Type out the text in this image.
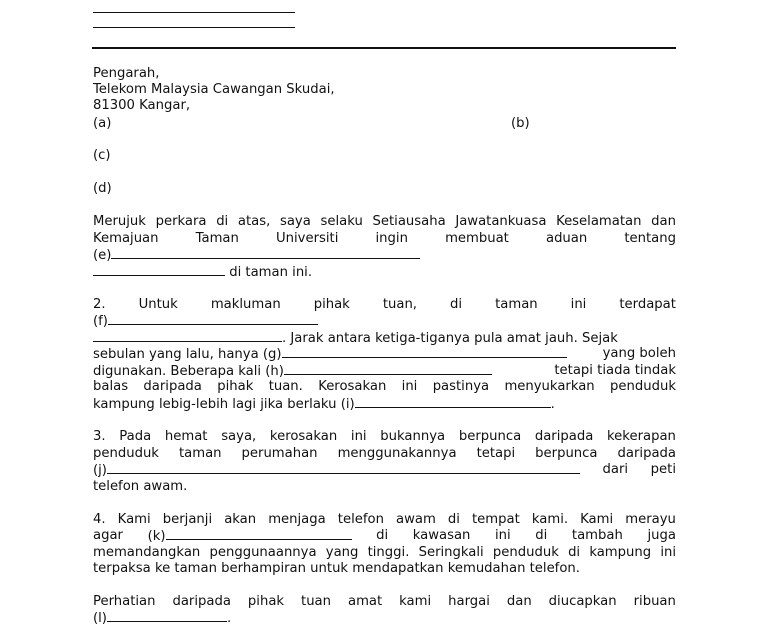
Pengarah,
Telekom Malaysia Cawangan Skudai,
81300 Kangar,
(a)	(b)
(c)
(d)
Merujuk perkara di atas, saya selaku Setiausaha Jawatankuasa Keselamatan dan
Kemajuan	Taman	Universiti	ingin	membuat	aduan	tentang
(e)
di taman ini.
2.	Untuk	makluman	pihak	tuan,	di	taman	ini	terdapat
(f)
. Jarak antara ketiga-tiganya pula amat jauh. Sejak
sebulan yang lalu, hanya (g)	yang boleh
digunakan. Beberapa kali (h)	tetapi tiada tindak
balas daripada pihak tuan. Kerosakan ini pastinya menyukarkan penduduk
kampung lebig-lebih lagi jika berlaku (i)	.
3. Pada hemat saya, kerosakan ini bukannya berpunca daripada kekerapan
penduduk taman perumahan menggunakannya tetapi berpunca daripada
(j)	dari peti
telefon awam.
4. Kami berjanji akan menjaga telefon awam di tempat kami. Kami merayu
agar (k)	di kawasan ini di tambah juga
memandangkan penggunaannya yang tinggi. Seringkali penduduk di kampung ini
terpaksa ke taman berhampiran untuk mendapatkan kemudahan telefon.
Perhatian daripada pihak tuan amat kami hargai dan diucapkan ribuan
(l)	.
